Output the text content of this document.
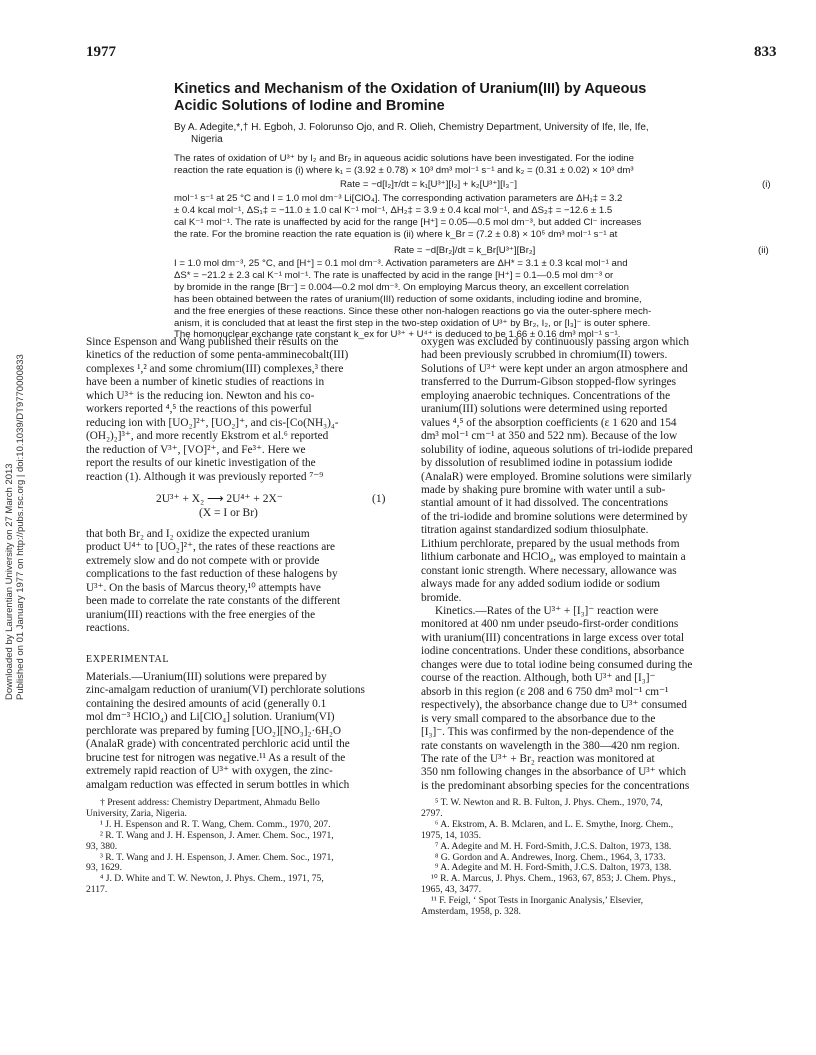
1977	833
Downloaded by Laurentian University on 27 March 2013 Published on 01 January 1977 on http://pubs.rsc.org | doi:10.1039/DT9770000833
Kinetics and Mechanism of the Oxidation of Uranium(III) by Aqueous
Acidic Solutions of Iodine and Bromine
By A. Adegite,*,† H. Egboh, J. Folorunso Ojo, and R. Olieh, Chemistry Department, University of Ife, Ile, Ife,
Nigeria
The rates of oxidation of U³⁺ by I₂ and Br₂ in aqueous acidic solutions have been investigated. For the iodine
reaction the rate equation is (i) where k₁ = (3.92 ± 0.78) × 10³ dm³ mol⁻¹ s⁻¹ and k₂ = (0.31 ± 0.02) × 10³ dm³
Rate = −d[I₂]ᴛ/dt = k₁[U³⁺][I₂] + k₂[U³⁺][I₃⁻]	(i)
mol⁻¹ s⁻¹ at 25 °C and I = 1.0 mol dm⁻³ Li[ClO₄]. The corresponding activation parameters are ΔH₁‡ = 3.2
± 0.4 kcal mol⁻¹, ΔS₁‡ = −11.0 ± 1.0 cal K⁻¹ mol⁻¹, ΔH₂‡ = 3.9 ± 0.4 kcal mol⁻¹, and ΔS₂‡ = −12.6 ± 1.5
cal K⁻¹ mol⁻¹. The rate is unaffected by acid for the range [H⁺] = 0.05—0.5 mol dm⁻³, but added Cl⁻ increases
the rate. For the bromine reaction the rate equation is (ii) where k_Br = (7.2 ± 0.8) × 10⁵ dm³ mol⁻¹ s⁻¹ at
Rate = −d[Br₂]/dt = k_Br[U³⁺][Br₂]	(ii)
I = 1.0 mol dm⁻³, 25 °C, and [H⁺] = 0.1 mol dm⁻³. Activation parameters are ΔH* = 3.1 ± 0.3 kcal mol⁻¹ and
ΔS* = −21.2 ± 2.3 cal K⁻¹ mol⁻¹. The rate is unaffected by acid in the range [H⁺] = 0.1—0.5 mol dm⁻³ or
by bromide in the range [Br⁻] = 0.004—0.2 mol dm⁻³. On employing Marcus theory, an excellent correlation
has been obtained between the rates of uranium(III) reduction of some oxidants, including iodine and bromine,
and the free energies of these reactions. Since these other non-halogen reactions go via the outer-sphere mech-
anism, it is concluded that at least the first step in the two-step oxidation of U³⁺ by Br₂, I₂, or [I₃]⁻ is outer sphere.
The homonuclear exchange rate constant k_ex for U³⁺ + U⁴⁺ is deduced to be 1.66 ± 0.16 dm³ mol⁻¹ s⁻¹.
Since Espenson and Wang published their results on the
kinetics of the reduction of some penta-amminecobalt(III)
complexes ¹,² and some chromium(III) complexes,³ there
have been a number of kinetic studies of reactions in
which U³⁺ is the reducing ion. Newton and his co-
workers reported ⁴,⁵ the reactions of this powerful
reducing ion with [UO₂]²⁺, [UO₂]⁺, and cis-[Co(NH₃)₄-
(OH₂)₂]³⁺, and more recently Ekstrom et al.⁶ reported
the reduction of V³⁺, [VO]²⁺, and Fe³⁺. Here we
report the results of our kinetic investigation of the
reaction (1). Although it was previously reported ⁷⁻⁹
2U³⁺ + X₂ ⟶ 2U⁴⁺ + 2X⁻	(1)
(X = I or Br)
that both Br₂ and I₂ oxidize the expected uranium
product U⁴⁺ to [UO₂]²⁺, the rates of these reactions are
extremely slow and do not compete with or provide
complications to the fast reduction of these halogens by
U³⁺. On the basis of Marcus theory,¹⁰ attempts have
been made to correlate the rate constants of the different
uranium(III) reactions with the free energies of the
reactions.
EXPERIMENTAL
Materials.—Uranium(III) solutions were prepared by
zinc-amalgam reduction of uranium(VI) perchlorate solutions
containing the desired amounts of acid (generally 0.1
mol dm⁻³ HClO₄) and Li[ClO₄] solution. Uranium(VI)
perchlorate was prepared by fuming [UO₂][NO₃]₂·6H₂O
(AnalaR grade) with concentrated perchloric acid until the
brucine test for nitrogen was negative.¹¹ As a result of the
extremely rapid reaction of U³⁺ with oxygen, the zinc-
amalgam reduction was effected in serum bottles in which
† Present address: Chemistry Department, Ahmadu Bello
University, Zaria, Nigeria.
¹ J. H. Espenson and R. T. Wang, Chem. Comm., 1970, 207.
² R. T. Wang and J. H. Espenson, J. Amer. Chem. Soc., 1971,
93, 380.
³ R. T. Wang and J. H. Espenson, J. Amer. Chem. Soc., 1971,
93, 1629.
⁴ J. D. White and T. W. Newton, J. Phys. Chem., 1971, 75,
2117.
oxygen was excluded by continuously passing argon which
had been previously scrubbed in chromium(II) towers.
Solutions of U³⁺ were kept under an argon atmosphere and
transferred to the Durrum-Gibson stopped-flow syringes
employing anaerobic techniques. Concentrations of the
uranium(III) solutions were determined using reported
values ⁴,⁵ of the absorption coefficients (ε 1 620 and 154
dm³ mol⁻¹ cm⁻¹ at 350 and 522 nm). Because of the low
solubility of iodine, aqueous solutions of tri-iodide prepared
by dissolution of resublimed iodine in potassium iodide
(AnalaR) were employed. Bromine solutions were similarly
made by shaking pure bromine with water until a sub-
stantial amount of it had dissolved. The concentrations
of the tri-iodide and bromine solutions were determined by
titration against standardized sodium thiosulphate.
Lithium perchlorate, prepared by the usual methods from
lithium carbonate and HClO₄, was employed to maintain a
constant ionic strength. Where necessary, allowance was
always made for any added sodium iodide or sodium
bromide.
Kinetics.—Rates of the U³⁺ + [I₃]⁻ reaction were
monitored at 400 nm under pseudo-first-order conditions
with uranium(III) concentrations in large excess over total
iodine concentrations. Under these conditions, absorbance
changes were due to total iodine being consumed during the
course of the reaction. Although, both U³⁺ and [I₃]⁻
absorb in this region (ε 208 and 6 750 dm³ mol⁻¹ cm⁻¹
respectively), the absorbance change due to U³⁺ consumed
is very small compared to the absorbance due to the
[I₃]⁻. This was confirmed by the non-dependence of the
rate constants on wavelength in the 380—420 nm region.
The rate of the U³⁺ + Br₂ reaction was monitored at
350 nm following changes in the absorbance of U³⁺ which
is the predominant absorbing species for the concentrations
⁵ T. W. Newton and R. B. Fulton, J. Phys. Chem., 1970, 74,
2797.
⁶ A. Ekstrom, A. B. Mclaren, and L. E. Smythe, Inorg. Chem.,
1975, 14, 1035.
⁷ A. Adegite and M. H. Ford-Smith, J.C.S. Dalton, 1973, 138.
⁸ G. Gordon and A. Andrewes, Inorg. Chem., 1964, 3, 1733.
⁹ A. Adegite and M. H. Ford-Smith, J.C.S. Dalton, 1973, 138.
¹⁰ R. A. Marcus, J. Phys. Chem., 1963, 67, 853; J. Chem. Phys.,
1965, 43, 3477.
¹¹ F. Feigl, ‘ Spot Tests in Inorganic Analysis,’ Elsevier,
Amsterdam, 1958, p. 328.
